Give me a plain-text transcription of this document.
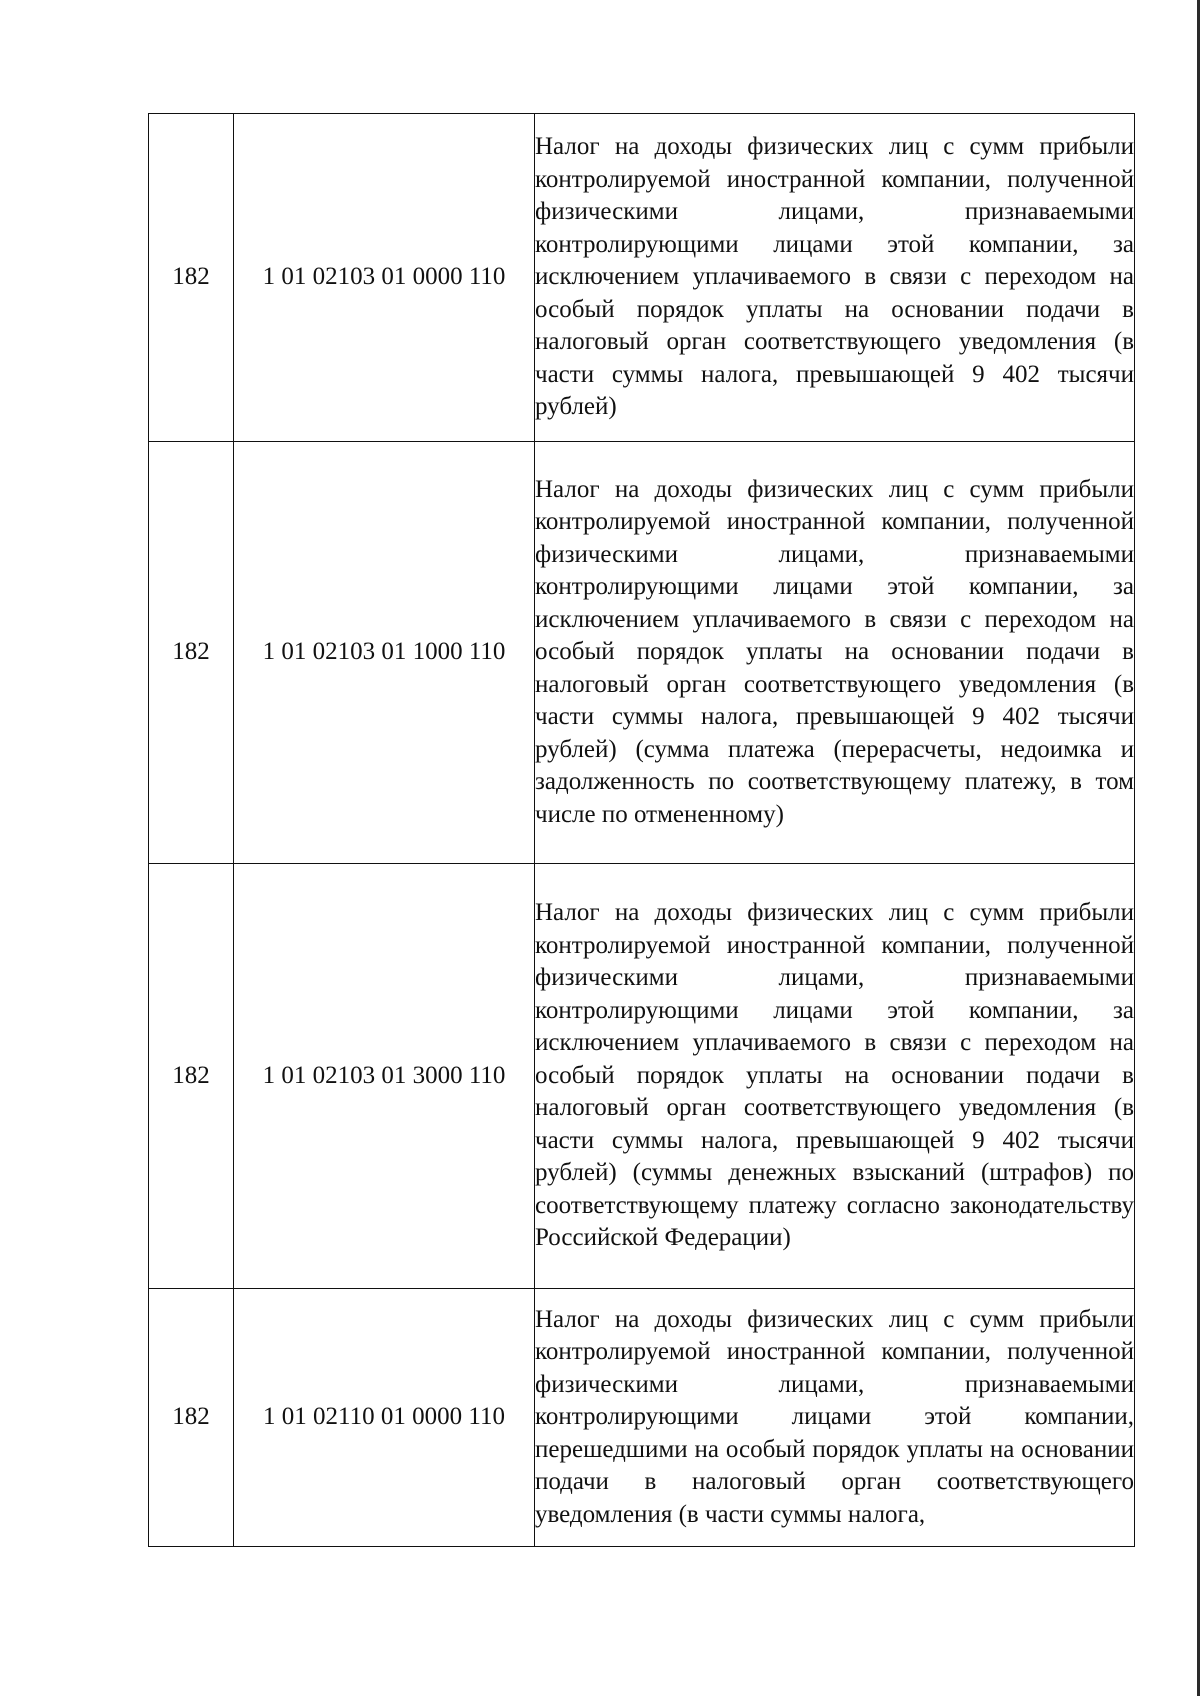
182	1 01 02103 01 0000 110	Налог на доходы физических лиц с сумм прибыли контролируемой иностранной компании, полученной физическими лицами, признаваемыми контролирующими лицами этой компании, за исключением уплачиваемого в связи с переходом на особый порядок уплаты на основании подачи в налоговый орган соответствующего уведомления (в части суммы налога, превышающей 9 402 тысячи рублей)

182	1 01 02103 01 1000 110	Налог на доходы физических лиц с сумм прибыли контролируемой иностранной компании, полученной физическими лицами, признаваемыми контролирующими лицами этой компании, за исключением уплачиваемого в связи с переходом на особый порядок уплаты на основании подачи в налоговый орган соответствующего уведомления (в части суммы налога, превышающей 9 402 тысячи рублей) (сумма платежа (перерасчеты, недоимка и задолженность по соответствующему платежу, в том числе по отмененному)

182	1 01 02103 01 3000 110	Налог на доходы физических лиц с сумм прибыли контролируемой иностранной компании, полученной физическими лицами, признаваемыми контролирующими лицами этой компании, за исключением уплачиваемого в связи с переходом на особый порядок уплаты на основании подачи в налоговый орган соответствующего уведомления (в части суммы налога, превышающей 9 402 тысячи рублей) (суммы денежных взысканий (штрафов) по соответствующему платежу согласно законодательству Российской Федерации)

182	1 01 02110 01 0000 110	Налог на доходы физических лиц с сумм прибыли контролируемой иностранной компании, полученной физическими лицами, признаваемыми контролирующими лицами этой компании, перешедшими на особый порядок уплаты на основании подачи в налоговый орган соответствующего уведомления (в части суммы налога,
